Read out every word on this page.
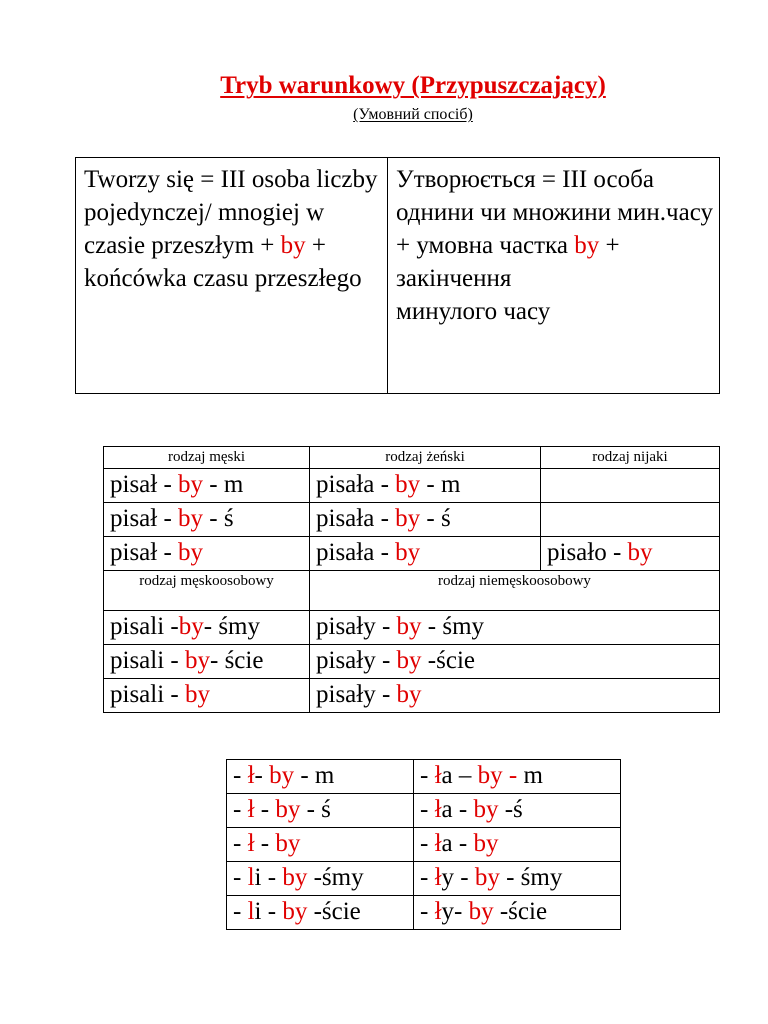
Tryb warunkowy (Przypuszczający)
(Умовний спосіб)
Tworzy się = III osoba liczby pojedynczej/ mnogiej w czasie przeszłym + by + końcówka czasu przeszłego	Утворюється = III особа однини чи множини мин.часу + умовна частка by + закінчення
минулого часу
rodzaj męski	rodzaj żeński	rodzaj nijaki
pisał - by - m	pisała - by - m	
pisał - by - ś	pisała - by - ś	
pisał - by	pisała - by	pisało - by
rodzaj męskoosobowy	rodzaj niemęskoosobowy	
pisali -by- śmy	pisały - by - śmy	
pisali - by- ście	pisały - by -ście	
pisali - by	pisały - by	
- ł- by - m	- ła – by - m
- ł - by - ś	- ła - by -ś
- ł - by	- ła - by
- li - by -śmy	- ły - by - śmy
- li - by -ście	- ły- by -ście
